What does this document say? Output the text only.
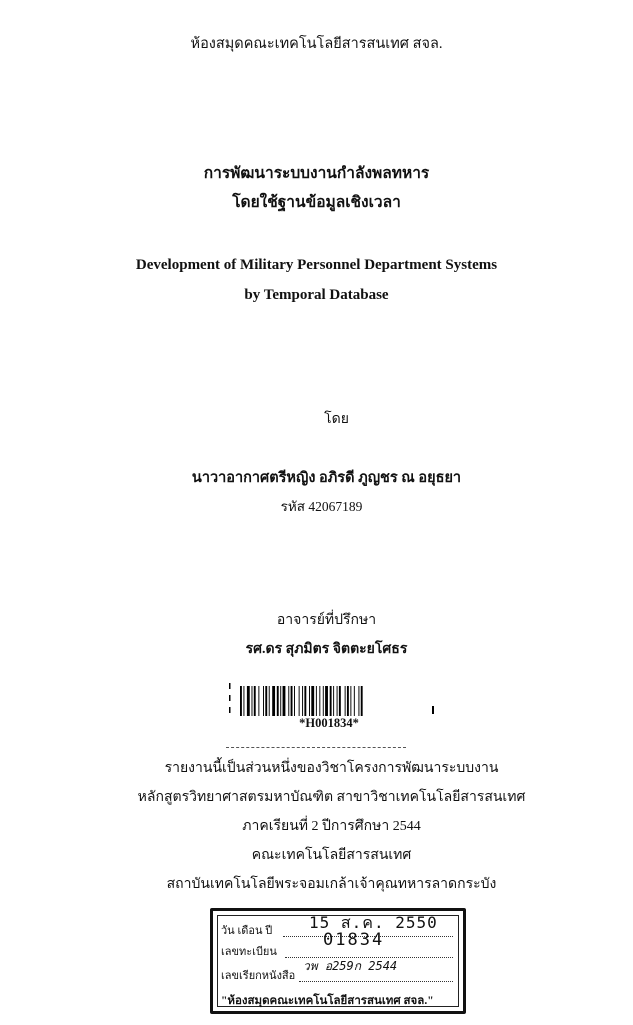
ห้องสมุดคณะเทคโนโลยีสารสนเทศ สจล.
การพัฒนาระบบงานกำลังพลทหาร
โดยใช้ฐานข้อมูลเชิงเวลา
Development of Military Personnel Department Systems
by Temporal Database
โดย
นาวาอากาศตรีหญิง อภิรดี ภูญชร ณ อยุธยา
รหัส 42067189
อาจารย์ที่ปรึกษา
รศ.ดร สุภมิตร จิตตะยโศธร
*H001834*
รายงานนี้เป็นส่วนหนึ่งของวิชาโครงการพัฒนาระบบงาน
หลักสูตรวิทยาศาสตรมหาบัณฑิต สาขาวิชาเทคโนโลยีสารสนเทศ
ภาคเรียนที่ 2 ปีการศึกษา 2544
คณะเทคโนโลยีสารสนเทศ
สถาบันเทคโนโลยีพระจอมเกล้าเจ้าคุณทหารลาดกระบัง
วัน เดือน ปี 15 ส.ค. 2550
เลขทะเบียน
01834
เลขเรียกหนังสือ
วพ อ259ก 2544
"ห้องสมุดคณะเทคโนโลยีสารสนเทศ สจล."
